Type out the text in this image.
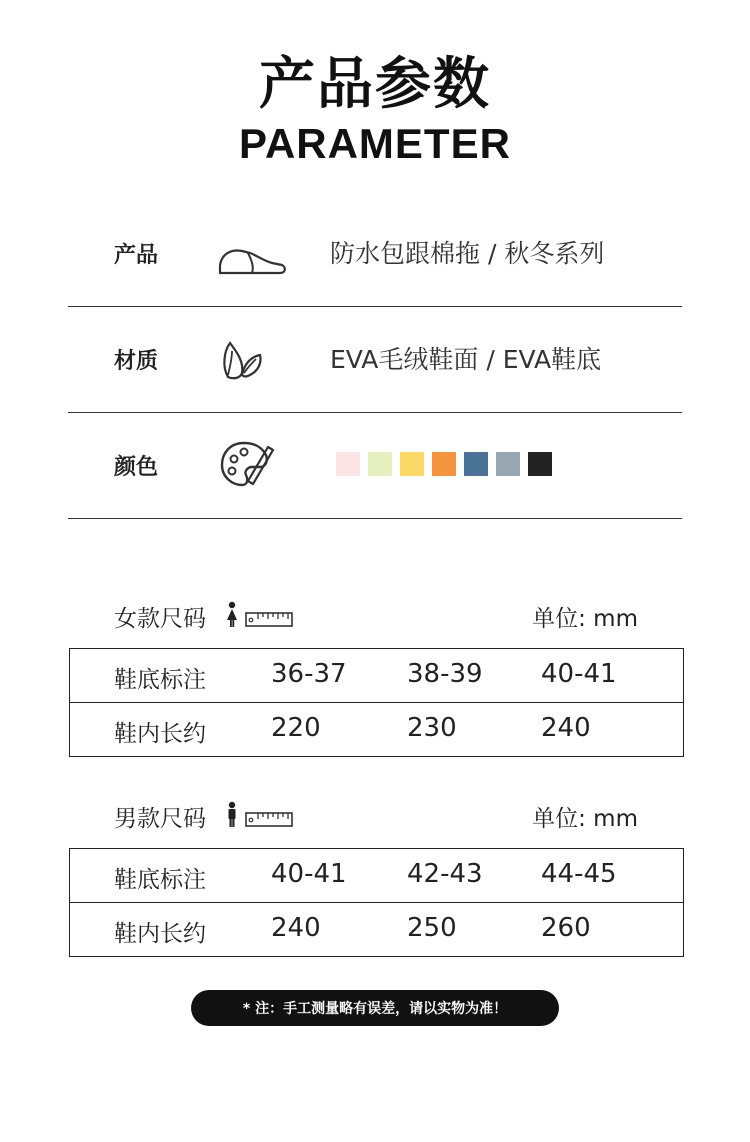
产品参数
PARAMETER
产品	防水包跟棉拖 / 秋冬系列
材质	EVA毛绒鞋面 / EVA鞋底
颜色
女款尺码	单位: mm
鞋底标注	36-37 38-39 40-41
鞋内长约	220	230	240
男款尺码	单位: mm
鞋底标注	40-41 42-43 44-45
鞋内长约	240	250	260
* 注：手工测量略有误差，请以实物为准！
